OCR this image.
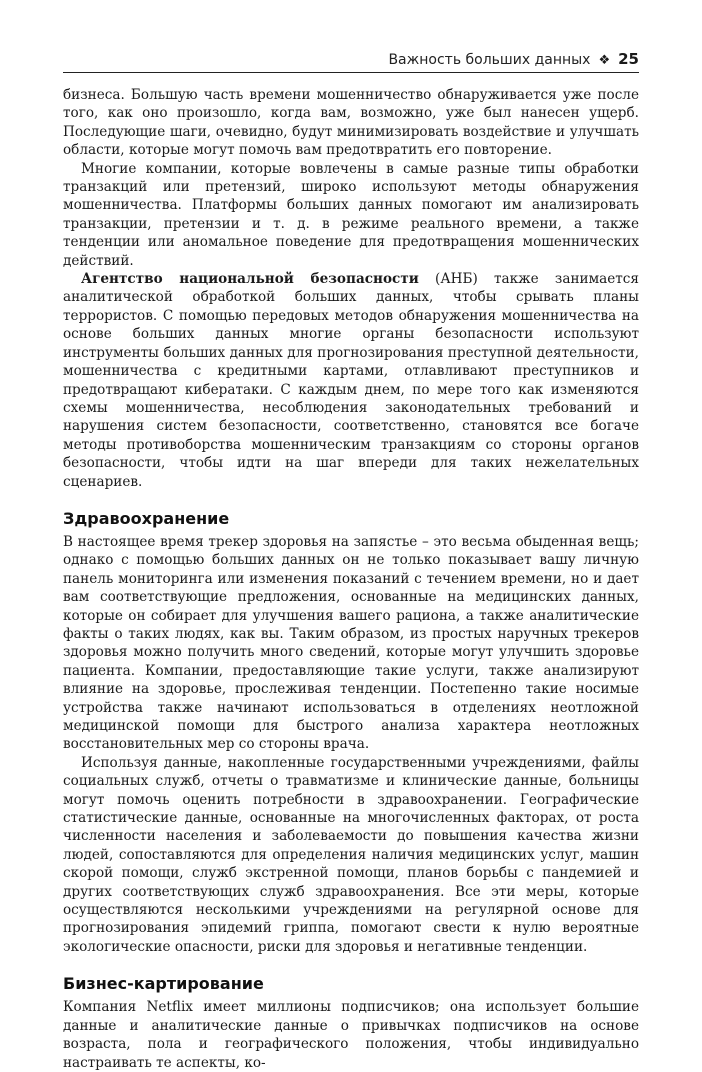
Важность больших данных ❖ 25

бизнеса. Большую часть времени мошенничество обнаруживается уже после того, как оно произошло, когда вам, возможно, уже был нанесен ущерб. Последующие шаги, очевидно, будут минимизировать воздействие и улучшать области, которые могут помочь вам предотвратить его повторение.

Многие компании, которые вовлечены в самые разные типы обработки транзакций или претензий, широко используют методы обнаружения мошенничества. Платформы больших данных помогают им анализировать транзакции, претензии и т. д. в режиме реального времени, а также тенденции или аномальное поведение для предотвращения мошеннических действий.

Агентство национальной безопасности (АНБ) также занимается аналитической обработкой больших данных, чтобы срывать планы террористов. С помощью передовых методов обнаружения мошенничества на основе больших данных многие органы безопасности используют инструменты больших данных для прогнозирования преступной деятельности, мошенничества с кредитными картами, отлавливают преступников и предотвращают кибератаки. С каждым днем, по мере того как изменяются схемы мошенничества, несоблюдения законодательных требований и нарушения систем безопасности, соответственно, становятся все богаче методы противоборства мошенническим транзакциям со стороны органов безопасности, чтобы идти на шаг впереди для таких нежелательных сценариев.

Здравоохранение

В настоящее время трекер здоровья на запястье – это весьма обыденная вещь; однако с помощью больших данных он не только показывает вашу личную панель мониторинга или изменения показаний с течением времени, но и дает вам соответствующие предложения, основанные на медицинских данных, которые он собирает для улучшения вашего рациона, а также аналитические факты о таких людях, как вы. Таким образом, из простых наручных трекеров здоровья можно получить много сведений, которые могут улучшить здоровье пациента. Компании, предоставляющие такие услуги, также анализируют влияние на здоровье, прослеживая тенденции. Постепенно такие носимые устройства также начинают использоваться в отделениях неотложной медицинской помощи для быстрого анализа характера неотложных восстановительных мер со стороны врача.

Используя данные, накопленные государственными учреждениями, файлы социальных служб, отчеты о травматизме и клинические данные, больницы могут помочь оценить потребности в здравоохранении. Географические статистические данные, основанные на многочисленных факторах, от роста численности населения и заболеваемости до повышения качества жизни людей, сопоставляются для определения наличия медицинских услуг, машин скорой помощи, служб экстренной помощи, планов борьбы с пандемией и других соответствующих служб здравоохранения. Все эти меры, которые осуществляются несколькими учреждениями на регулярной основе для прогнозирования эпидемий гриппа, помогают свести к нулю вероятные экологические опасности, риски для здоровья и негативные тенденции.

Бизнес-картирование

Компания Netflix имеет миллионы подписчиков; она использует большие данные и аналитические данные о привычках подписчиков на основе возраста, пола и географического положения, чтобы индивидуально настраивать те аспекты, ко-
